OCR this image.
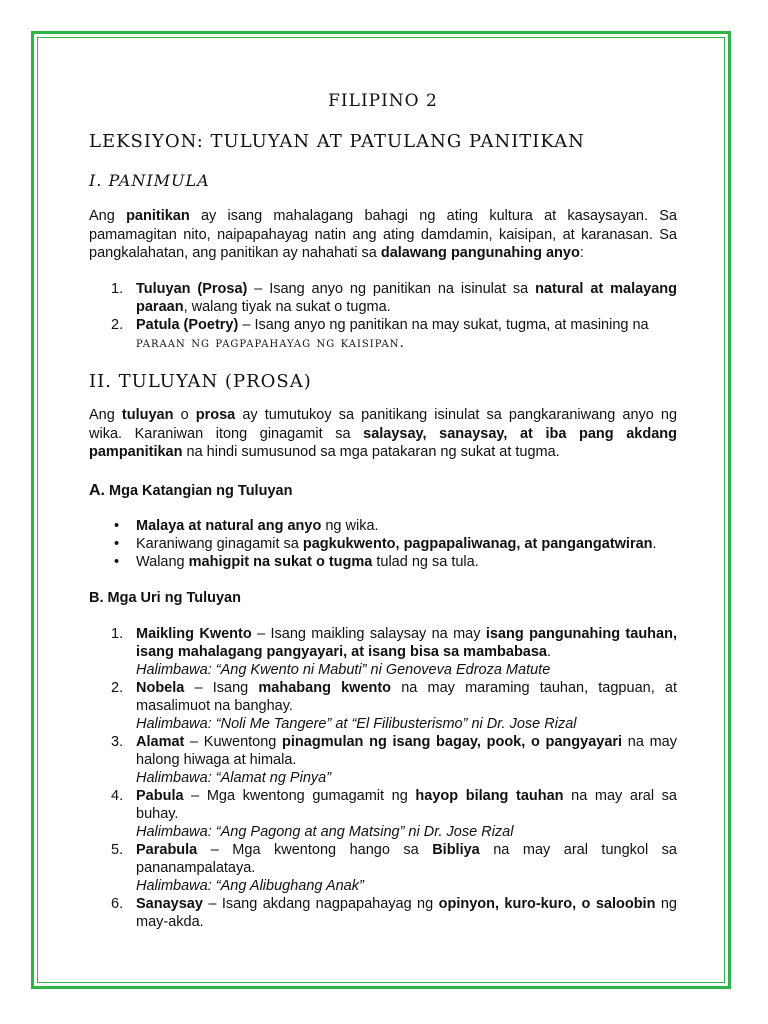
FILIPINO 2
LEKSIYON: TULUYAN AT PATULANG PANITIKAN
I. PANIMULA

Ang panitikan ay isang mahalagang bahagi ng ating kultura at kasaysayan. Sa pamamagitan nito, naipapahayag natin ang ating damdamin, kaisipan, at karanasan. Sa pangkalahatan, ang panitikan ay nahahati sa dalawang pangunahing anyo:

1. Tuluyan (Prosa) – Isang anyo ng panitikan na isinulat sa natural at malayang paraan, walang tiyak na sukat o tugma.
2. Patula (Poetry) – Isang anyo ng panitikan na may sukat, tugma, at masining na
paraan ng pagpapahayag ng kaisipan.
II. TULUYAN (PROSA)

Ang tuluyan o prosa ay tumutukoy sa panitikang isinulat sa pangkaraniwang anyo ng wika. Karaniwan itong ginagamit sa salaysay, sanaysay, at iba pang akdang pampanitikan na hindi sumusunod sa mga patakaran ng sukat at tugma.

A. Mga Katangian ng Tuluyan
• Malaya at natural ang anyo ng wika.
• Karaniwang ginagamit sa pagkukwento, pagpapaliwanag, at pangangatwiran.
• Walang mahigpit na sukat o tugma tulad ng sa tula.
B. Mga Uri ng Tuluyan
1. Maikling Kwento – Isang maikling salaysay na may isang pangunahing tauhan, isang mahalagang pangyayari, at isang bisa sa mambabasa.
Halimbawa: “Ang Kwento ni Mabuti” ni Genoveva Edroza Matute
2. Nobela – Isang mahabang kwento na may maraming tauhan, tagpuan, at masalimuot na banghay.
Halimbawa: “Noli Me Tangere” at “El Filibusterismo” ni Dr. Jose Rizal
3. Alamat – Kuwentong pinagmulan ng isang bagay, pook, o pangyayari na may halong hiwaga at himala.
Halimbawa: “Alamat ng Pinya”
4. Pabula – Mga kwentong gumagamit ng hayop bilang tauhan na may aral sa buhay.
Halimbawa: “Ang Pagong at ang Matsing” ni Dr. Jose Rizal
5. Parabula – Mga kwentong hango sa Bibliya na may aral tungkol sa pananampalataya.
Halimbawa: “Ang Alibughang Anak”
6. Sanaysay – Isang akdang nagpapahayag ng opinyon, kuro-kuro, o saloobin ng may-akda.
